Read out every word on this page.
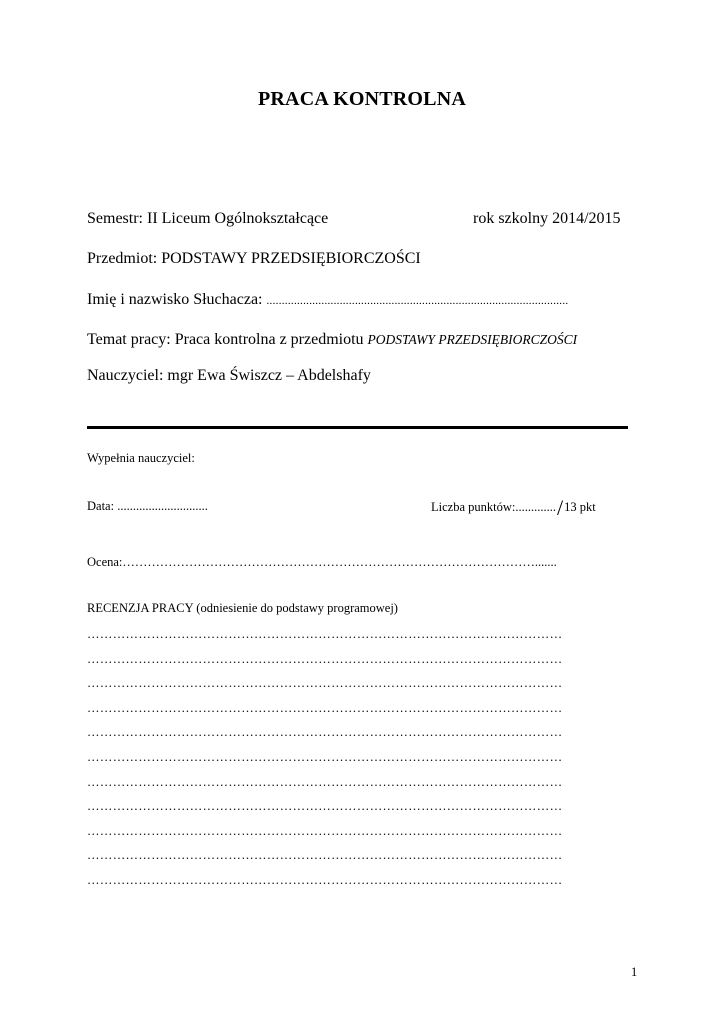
PRACA KONTROLNA
Semestr: II Liceum Ogólnokształcące	rok szkolny 2014/2015
Przedmiot: PODSTAWY PRZEDSIĘBIORCZOŚCI
Imię i nazwisko Słuchacza: ...................................................................................................
Temat pracy: Praca kontrolna z przedmiotu PODSTAWY PRZEDSIĘBIORCZOŚCI
Nauczyciel: mgr Ewa Świszcz – Abdelshafy
Wypełnia nauczyciel:
Data: .............................	Liczba punktów:............./13 pkt
Ocena:……………………………………………………………………………………….......
RECENZJA PRACY (odniesienie do podstawy programowej)
…………………………………………………………………………………………………
…………………………………………………………………………………………………
…………………………………………………………………………………………………
…………………………………………………………………………………………………
…………………………………………………………………………………………………
…………………………………………………………………………………………………
…………………………………………………………………………………………………
…………………………………………………………………………………………………
…………………………………………………………………………………………………
…………………………………………………………………………………………………
…………………………………………………………………………………………………
1
